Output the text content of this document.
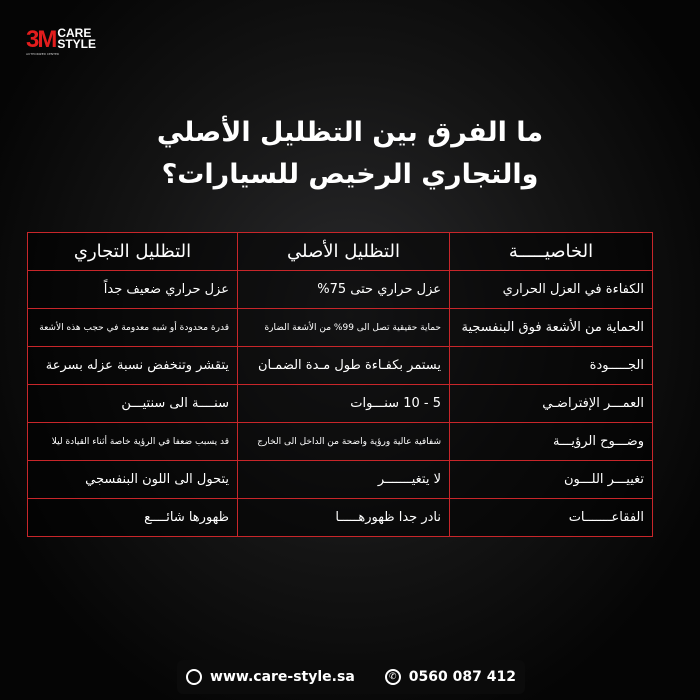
3M CARE
STYLE
AUTHORIZED CENTER
ما الفرق بين التظليل الأصلي
والتجاري الرخيص للسيارات؟
الخاصيـــــة	التظليل الأصلي	التظليل التجاري
الكفاءة في العزل الحراري	عزل حراري حتى 75%	عزل حراري ضعيف جداً
الحماية من الأشعة فوق البنفسجية	حماية حقيقية تصل الى 99% من الأشعة الضارة	قدرة محدودة أو شبه معدومة في حجب هذه الأشعة
الجـــــودة	يستمر بكفـاءة طول مـدة الضمـان	يتقشر وتنخفض نسبة عزله بسرعة
العمـــر الإفتراضـي	5 - 10 سنـــوات	سنــــة الى سنتيـــن
وضـــوح الرؤيـــة	شفافية عالية ورؤية واضحة من الداخل الى الخارج	قد يسبب ضعفا في الرؤية خاصة أثناء القيادة ليلا
تغييـــر اللـــون	لا يتغيـــــــر	يتحول الى اللون البنفسجي
الفقاعـــــــات	نادر جدا ظهورهـــــا	ظهورها شائــــع
www.care-style.sa	✆ 0560 087 412
